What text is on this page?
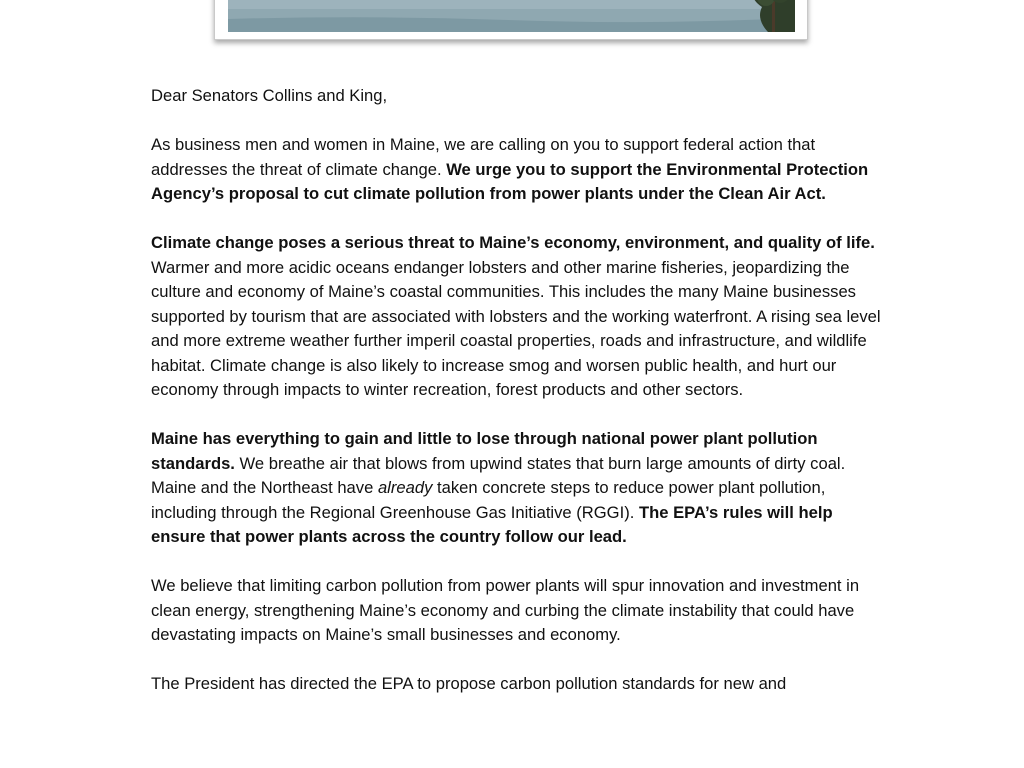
Dear Senators Collins and King,

As business men and women in Maine, we are calling on you to support federal action that addresses the threat of climate change. We urge you to support the Environmental Protection Agency’s proposal to cut climate pollution from power plants under the Clean Air Act.

Climate change poses a serious threat to Maine’s economy, environment, and quality of life. Warmer and more acidic oceans endanger lobsters and other marine fisheries, jeopardizing the culture and economy of Maine’s coastal communities. This includes the many Maine businesses supported by tourism that are associated with lobsters and the working waterfront. A rising sea level and more extreme weather further imperil coastal properties, roads and infrastructure, and wildlife habitat. Climate change is also likely to increase smog and worsen public health, and hurt our economy through impacts to winter recreation, forest products and other sectors.

Maine has everything to gain and little to lose through national power plant pollution standards. We breathe air that blows from upwind states that burn large amounts of dirty coal. Maine and the Northeast have already taken concrete steps to reduce power plant pollution, including through the Regional Greenhouse Gas Initiative (RGGI). The EPA’s rules will help ensure that power plants across the country follow our lead.

We believe that limiting carbon pollution from power plants will spur innovation and investment in clean energy, strengthening Maine’s economy and curbing the climate instability that could have devastating impacts on Maine’s small businesses and economy.

The President has directed the EPA to propose carbon pollution standards for new and
